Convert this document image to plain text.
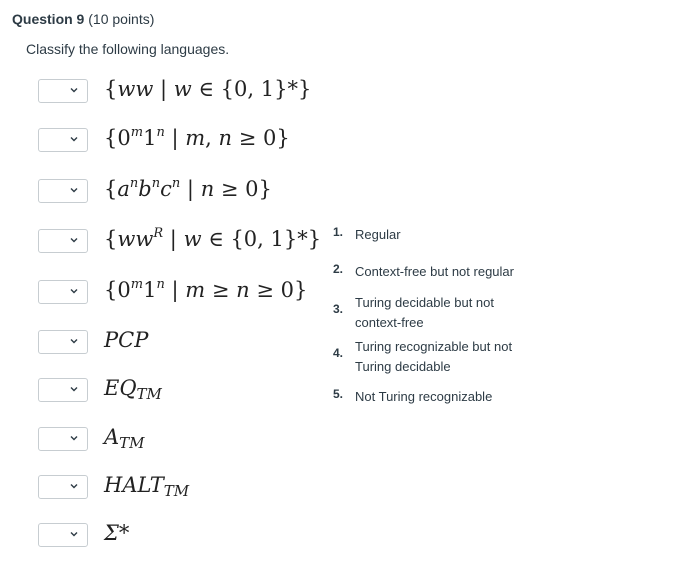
Question 9 (10 points)
Classify the following languages.
{ww | w ∈ {0, 1}*}
{0$^m$1$^n$ | m, n ≥ 0}
{$a^nb^nc^n$ | n ≥ 0}
{$ww^R$ | w ∈ {0, 1}*}
{0$^m$1$^n$ | m ≥ n ≥ 0}
PCP
$EQ_{TM}$
$A_{TM}$
$HALT_{TM}$
Σ*
1. Regular
2. Context-free but not regular
3. Turing decidable but not context-free
4. Turing recognizable but not Turing decidable
5. Not Turing recognizable
